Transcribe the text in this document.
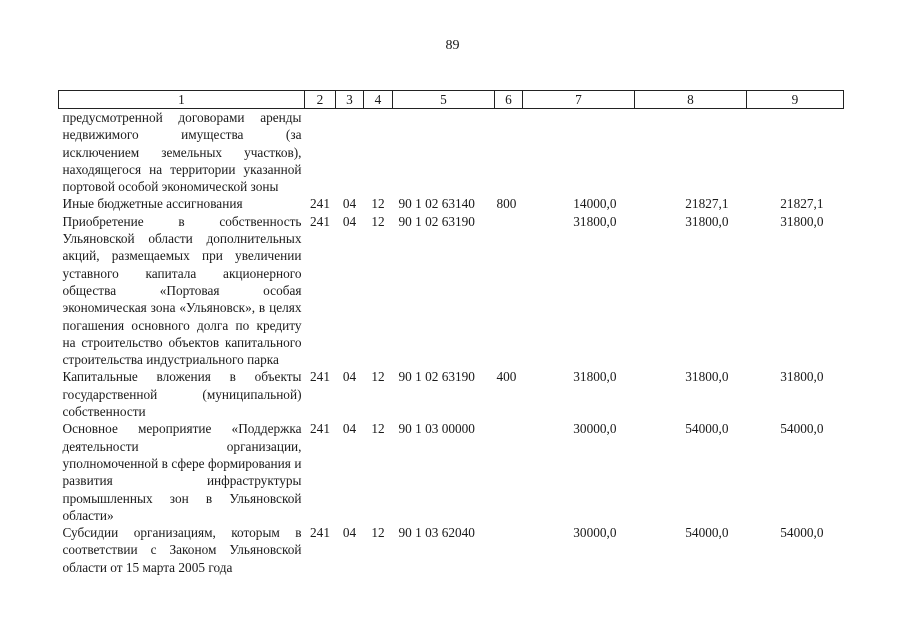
89
1	2	3	4	5	6	7	8	9
предусмотренной договорами аренды недвижимого имущества (за исключением земельных участков), находящегося на территории указанной портовой особой экономической зоны								
Иные бюджетные ассигнования	241	04	12	90 1 02 63140	800	14000,0	21827,1	21827,1
Приобретение в собственность Ульяновской области дополнительных акций, размещаемых при увеличении уставного капитала акционерного общества «Портовая особая экономическая зона «Ульяновск», в целях погашения основного долга по кредиту на строительство объектов капитального строительства индустриального парка	241	04	12	90 1 02 63190		31800,0	31800,0	31800,0
Капитальные вложения в объекты государственной (муниципальной) собственности	241	04	12	90 1 02 63190	400	31800,0	31800,0	31800,0
Основное мероприятие «Поддержка деятельности организации, уполномоченной в сфере формирования и развития инфраструктуры промышленных зон в Ульяновской области»	241	04	12	90 1 03 00000		30000,0	54000,0	54000,0
Субсидии организациям, которым в соответствии с Законом Ульяновской области от 15 марта 2005 года	241	04	12	90 1 03 62040		30000,0	54000,0	54000,0
